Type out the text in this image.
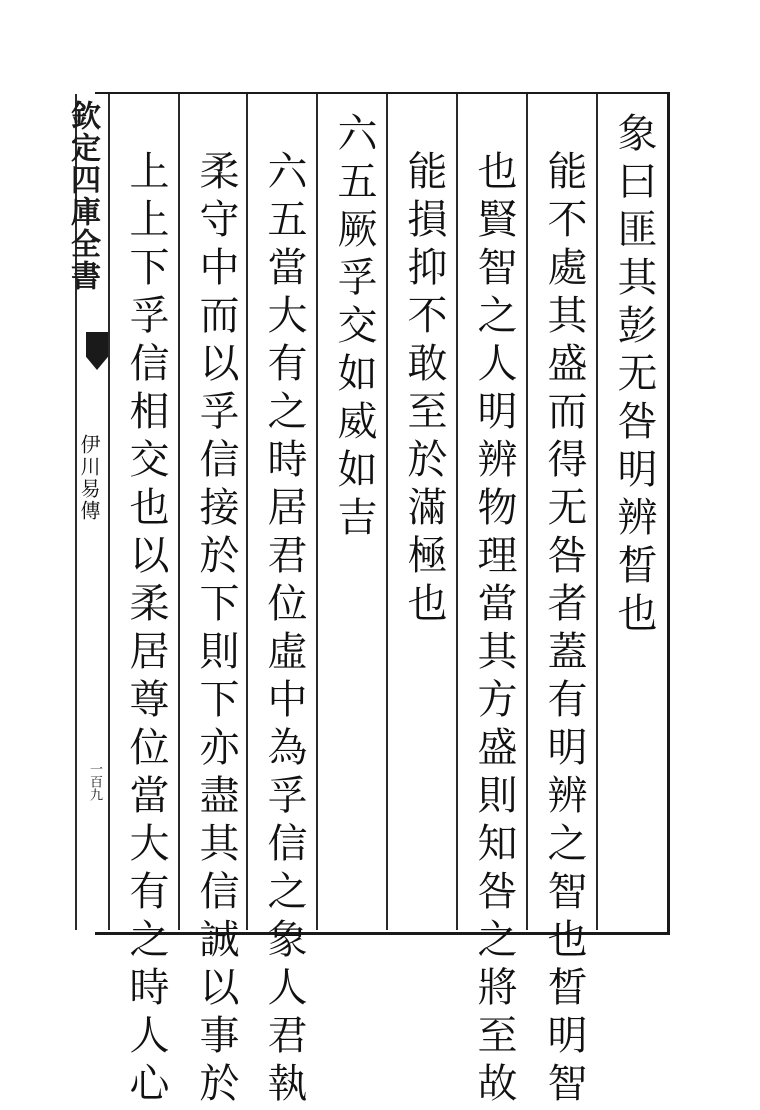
欽定四庫全書
伊川易傳
一百九
象曰匪其彭无咎明辨晳也
能不處其盛而得无咎者蓋有明辨之智也晳明智
也賢智之人明辨物理當其方盛則知咎之將至故
能損抑不敢至於滿極也
六五厥孚交如威如吉
六五當大有之時居君位虛中為孚信之象人君執
柔守中而以孚信接於下則下亦盡其信誠以事於
上上下孚信相交也以柔居尊位當大有之時人心
